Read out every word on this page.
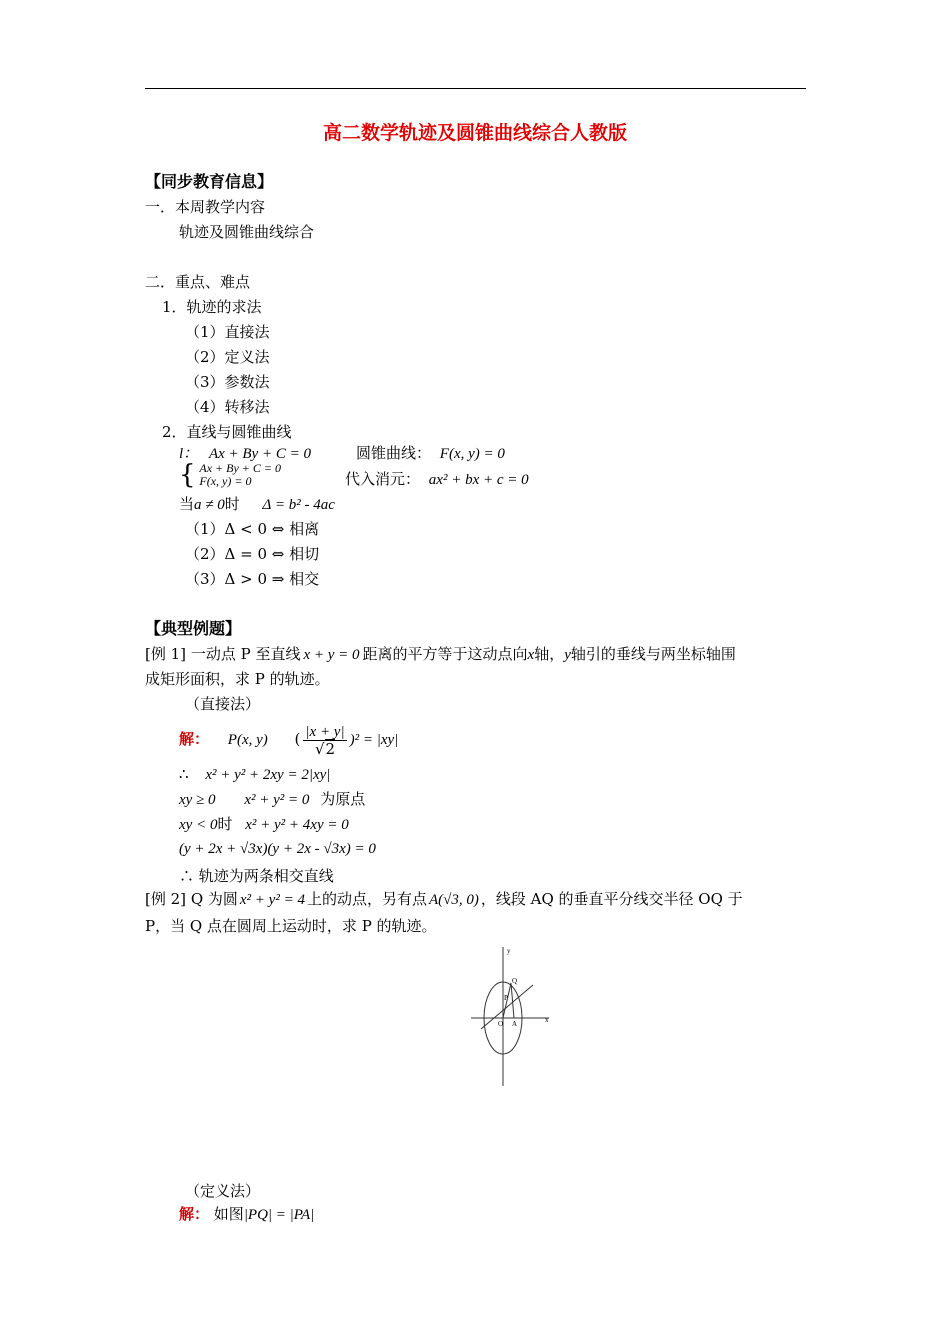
高二数学轨迹及圆锥曲线综合人教版
【同步教育信息】
一．本周教学内容
轨迹及圆锥曲线综合
二．重点、难点
1．轨迹的求法
（1）直接法
（2）定义法
（3）参数法
（4）转移法
2．直线与圆锥曲线
l： Ax + By + C = 0	圆锥曲线： F(x, y) = 0
{ Ax + By + C = 0
F(x, y) = 0	代入消元： ax² + bx + c = 0
当a ≠ 0时 Δ = b² - 4ac
（1）Δ < 0 ⇔ 相离
（2）Δ = 0 ⇔ 相切
（3）Δ > 0 ⇒ 相交
【典型例题】
[例 1] 一动点 P 至直线 x + y = 0 距离的平方等于这动点向x轴，y轴引的垂线与两坐标轴围
成矩形面积，求 P 的轨迹。
（直接法）
解： P(x, y) ( $\frac{|x + y|}{√2} )^2 = |xy|$
∴ x² + y² + 2xy = 2|xy|
xy ≥ 0 x² + y² = 0 为原点
xy < 0时 x² + y² + 4xy = 0
(y + 2x + √3x)(y + 2x - √3x) = 0
∴ 轨迹为两条相交直线
[例 2] Q 为圆 x² + y² = 4 上的动点，另有点 A(√3, 0) ，线段 AQ 的垂直平分线交半径 OQ 于
P，当 Q 点在圆周上运动时，求 P 的轨迹。
y
x
Q
P
O A
（定义法）
解： 如图|PQ| = |PA|
